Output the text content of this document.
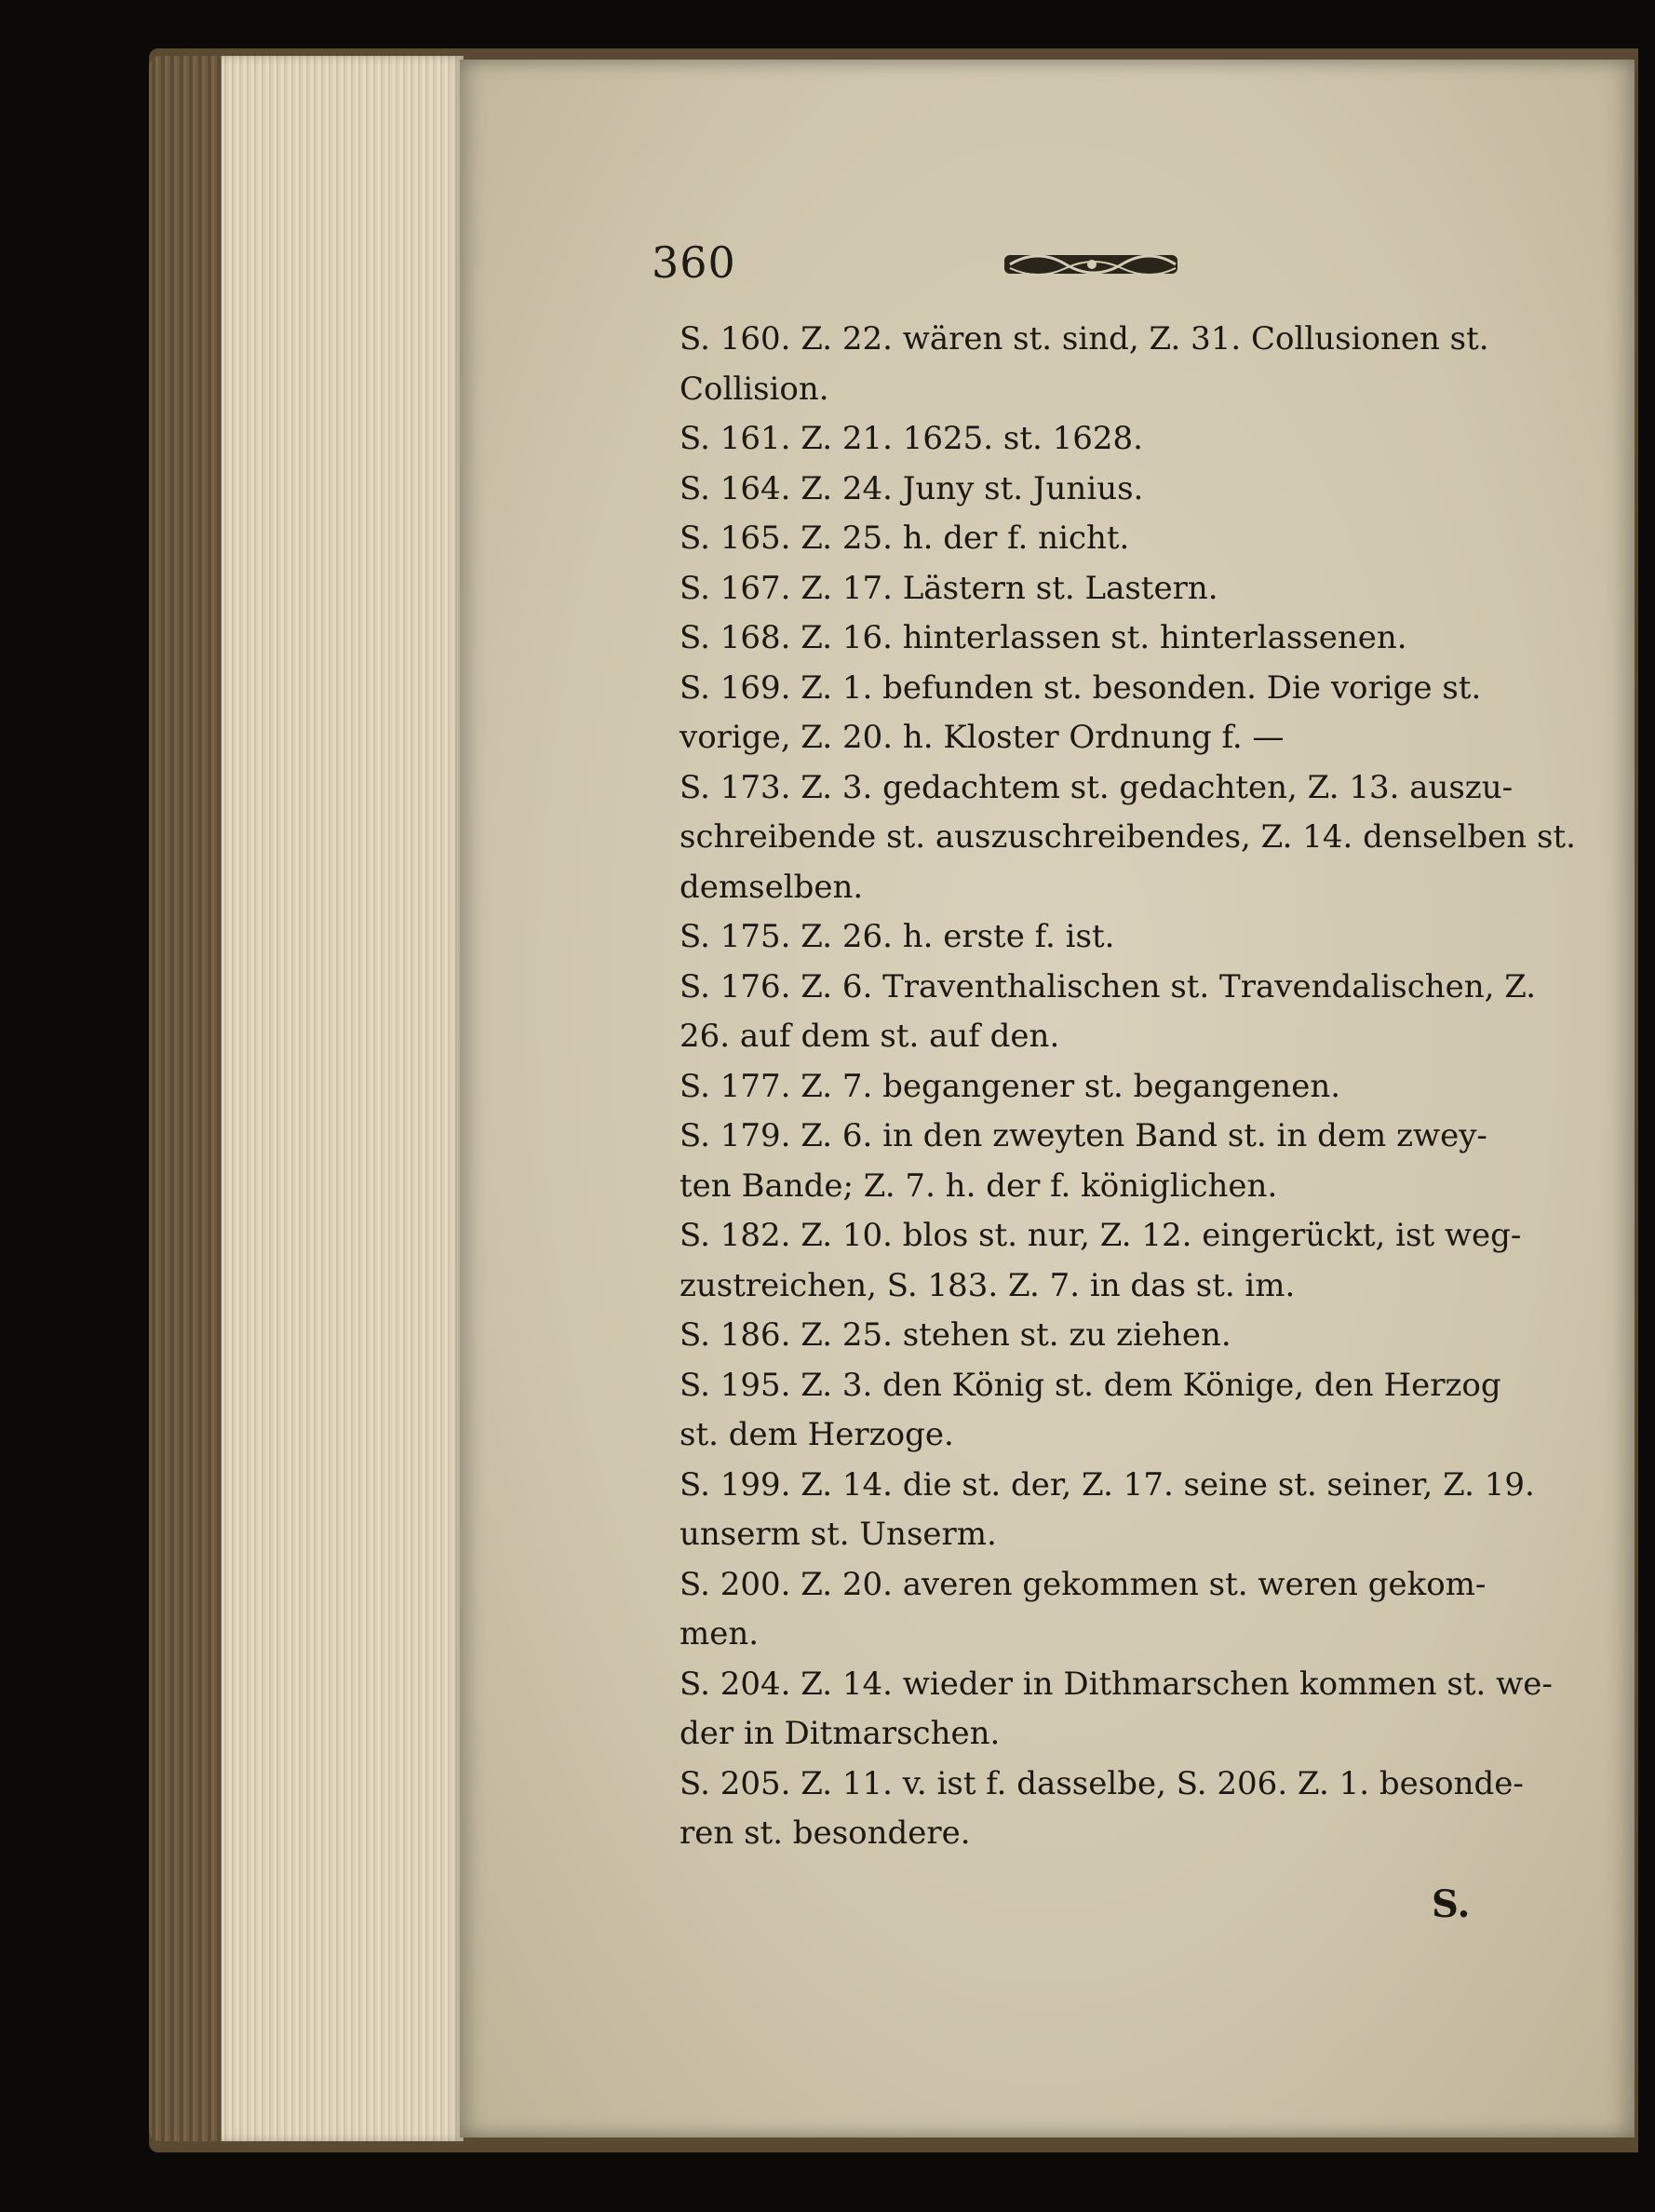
360
S. 160. Z. 22. wären st. sind, Z. 31. Collusionen st.
Collision.
S. 161. Z. 21. 1625. st. 1628.
S. 164. Z. 24. Juny st. Junius.
S. 165. Z. 25. h. der f. nicht.
S. 167. Z. 17. Lästern st. Lastern.
S. 168. Z. 16. hinterlassen st. hinterlassenen.
S. 169. Z. 1. befunden st. besonden. Die vorige st.
vorige, Z. 20. h. Kloster Ordnung f. —
S. 173. Z. 3. gedachtem st. gedachten, Z. 13. auszu-
schreibende st. auszuschreibendes, Z. 14. denselben st.
demselben.
S. 175. Z. 26. h. erste f. ist.
S. 176. Z. 6. Traventhalischen st. Travendalischen, Z.
26. auf dem st. auf den.
S. 177. Z. 7. begangener st. begangenen.
S. 179. Z. 6. in den zweyten Band st. in dem zwey-
ten Bande; Z. 7. h. der f. königlichen.
S. 182. Z. 10. blos st. nur, Z. 12. eingerückt, ist weg-
zustreichen, S. 183. Z. 7. in das st. im.
S. 186. Z. 25. stehen st. zu ziehen.
S. 195. Z. 3. den König st. dem Könige, den Herzog
st. dem Herzoge.
S. 199. Z. 14. die st. der, Z. 17. seine st. seiner, Z. 19.
unserm st. Unserm.
S. 200. Z. 20. averen gekommen st. weren gekom-
men.
S. 204. Z. 14. wieder in Dithmarschen kommen st. we-
der in Ditmarschen.
S. 205. Z. 11. v. ist f. dasselbe, S. 206. Z. 1. besonde-
ren st. besondere.
S.
